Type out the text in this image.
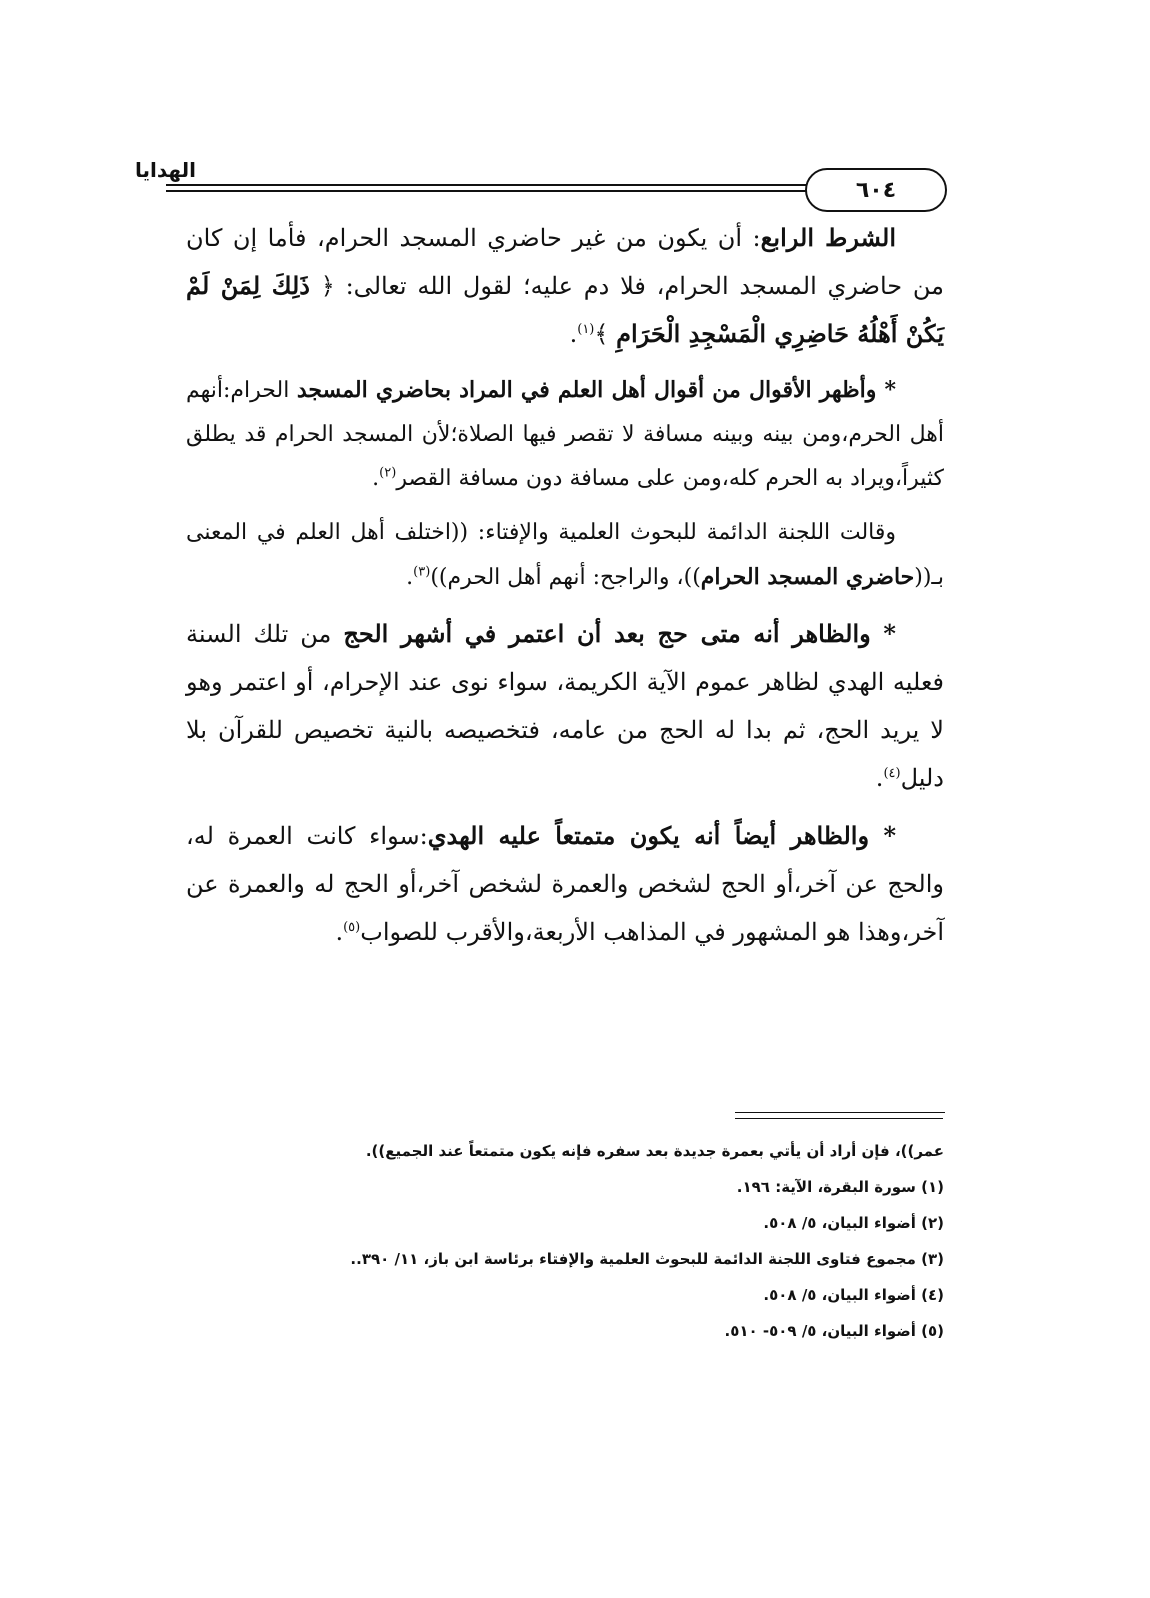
الهدايا
٦٠٤

الشرط الرابع: أن يكون من غير حاضري المسجد الحرام، فأما إن كان من حاضري المسجد الحرام، فلا دم عليه؛ لقول الله تعالى: ﴿ ذَلِكَ لِمَنْ لَمْ يَكُنْ أَهْلُهُ حَاضِرِي الْمَسْجِدِ الْحَرَامِ ﴾$^{(١)}$.

* وأظهر الأقوال من أقوال أهل العلم في المراد بحاضري المسجد الحرام:أنهم أهل الحرم،ومن بينه وبينه مسافة لا تقصر فيها الصلاة؛لأن المسجد الحرام قد يطلق كثيراً،ويراد به الحرم كله،ومن على مسافة دون مسافة القصر$^{(٢)}$.

وقالت اللجنة الدائمة للبحوث العلمية والإفتاء: ((اختلف أهل العلم في المعنى بـ((حاضري المسجد الحرام))، والراجح: أنهم أهل الحرم))$^{(٣)}$.

* والظاهر أنه متى حج بعد أن اعتمر في أشهر الحج من تلك السنة فعليه الهدي لظاهر عموم الآية الكريمة، سواء نوى عند الإحرام، أو اعتمر وهو لا يريد الحج، ثم بدا له الحج من عامه، فتخصيصه بالنية تخصيص للقرآن بلا دليل$^{(٤)}$.

* والظاهر أيضاً أنه يكون متمتعاً عليه الهدي:سواء كانت العمرة له، والحج عن آخر،أو الحج لشخص والعمرة لشخص آخر،أو الحج له والعمرة عن آخر،وهذا هو المشهور في المذاهب الأربعة،والأقرب للصواب$^{(٥)}$.

عمر))، فإن أراد أن يأتي بعمرة جديدة بعد سفره فإنه يكون متمتعاً عند الجميع)).
(١) سورة البقرة، الآية: ١٩٦.
(٢) أضواء البيان، ٥/ ٥٠٨.
(٣) مجموع فتاوى اللجنة الدائمة للبحوث العلمية والإفتاء برئاسة ابن باز، ١١/ ٣٩٠..
(٤) أضواء البيان، ٥/ ٥٠٨.
(٥) أضواء البيان، ٥/ ٥٠٩- ٥١٠.
